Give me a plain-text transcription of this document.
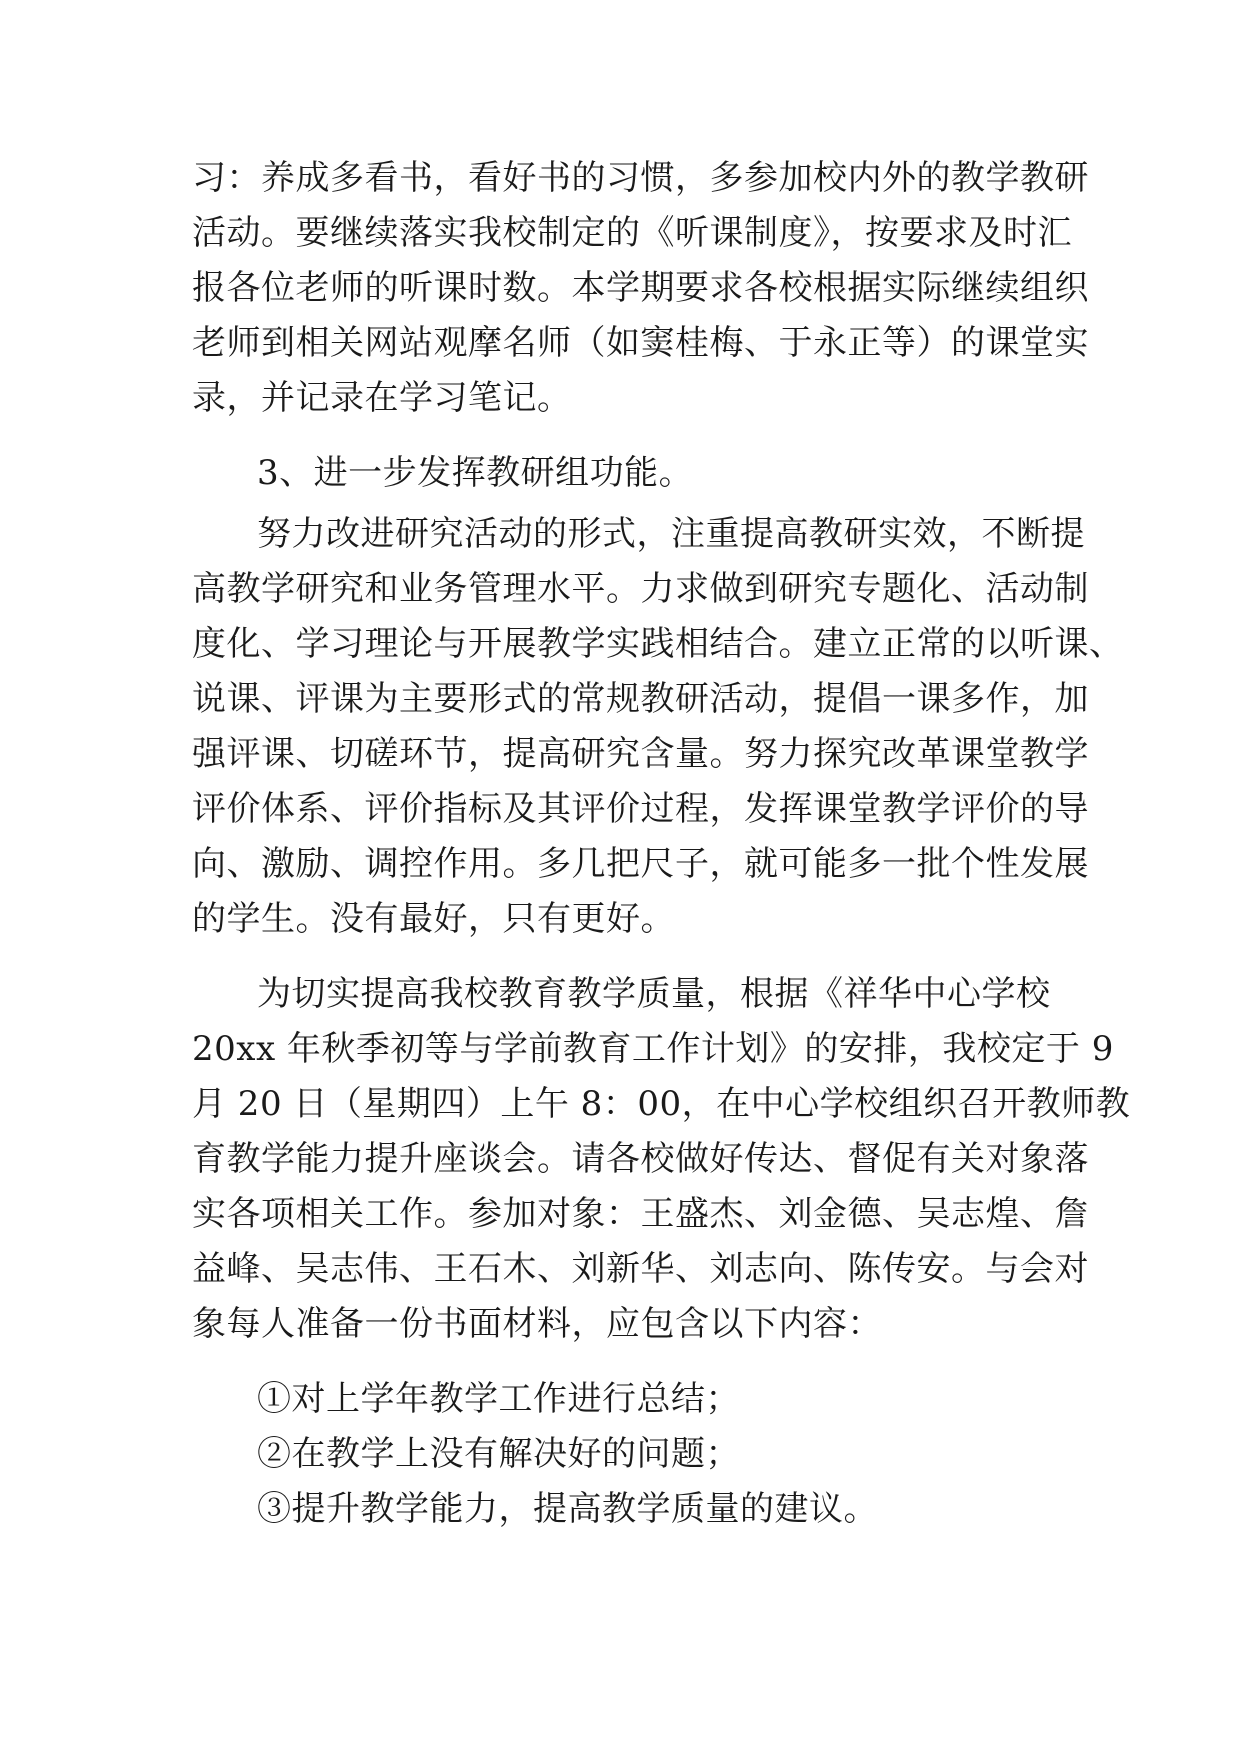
习：养成多看书，看好书的习惯，多参加校内外的教学教研
活动。要继续落实我校制定的《听课制度》，按要求及时汇
报各位老师的听课时数。本学期要求各校根据实际继续组织
老师到相关网站观摩名师（如窦桂梅、于永正等）的课堂实
录，并记录在学习笔记。
3、进一步发挥教研组功能。
努力改进研究活动的形式，注重提高教研实效，不断提
高教学研究和业务管理水平。力求做到研究专题化、活动制
度化、学习理论与开展教学实践相结合。建立正常的以听课、
说课、评课为主要形式的常规教研活动，提倡一课多作，加
强评课、切磋环节，提高研究含量。努力探究改革课堂教学
评价体系、评价指标及其评价过程，发挥课堂教学评价的导
向、激励、调控作用。多几把尺子，就可能多一批个性发展
的学生。没有最好，只有更好。
为切实提高我校教育教学质量，根据《祥华中心学校
20xx 年秋季初等与学前教育工作计划》的安排，我校定于 9
月 20 日（星期四）上午 8：00，在中心学校组织召开教师教
育教学能力提升座谈会。请各校做好传达、督促有关对象落
实各项相关工作。参加对象：王盛杰、刘金德、吴志煌、詹
益峰、吴志伟、王石木、刘新华、刘志向、陈传安。与会对
象每人准备一份书面材料，应包含以下内容：
①对上学年教学工作进行总结；
②在教学上没有解决好的问题；
③提升教学能力，提高教学质量的建议。
